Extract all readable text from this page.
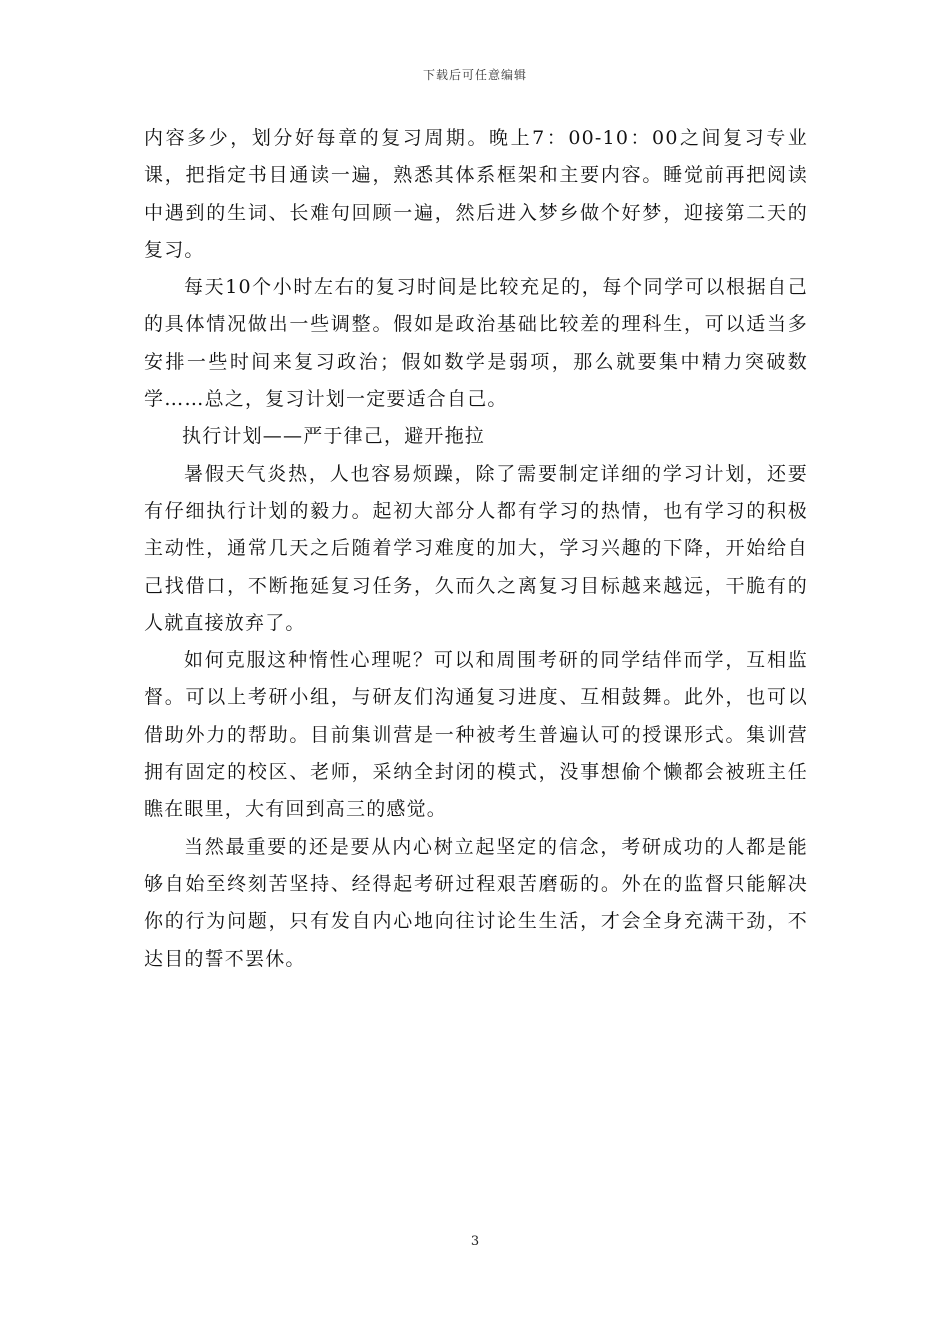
下载后可任意编辑

内容多少，划分好每章的复习周期。晚上7：00-10：00之间复习专业课，把指定书目通读一遍，熟悉其体系框架和主要内容。睡觉前再把阅读中遇到的生词、长难句回顾一遍，然后进入梦乡做个好梦，迎接第二天的复习。

每天10个小时左右的复习时间是比较充足的，每个同学可以根据自己的具体情况做出一些调整。假如是政治基础比较差的理科生，可以适当多安排一些时间来复习政治；假如数学是弱项，那么就要集中精力突破数学……总之，复习计划一定要适合自己。

执行计划——严于律己，避开拖拉

暑假天气炎热，人也容易烦躁，除了需要制定详细的学习计划，还要有仔细执行计划的毅力。起初大部分人都有学习的热情，也有学习的积极主动性，通常几天之后随着学习难度的加大，学习兴趣的下降，开始给自己找借口，不断拖延复习任务，久而久之离复习目标越来越远，干脆有的人就直接放弃了。

如何克服这种惰性心理呢？可以和周围考研的同学结伴而学，互相监督。可以上考研小组，与研友们沟通复习进度、互相鼓舞。此外，也可以借助外力的帮助。目前集训营是一种被考生普遍认可的授课形式。集训营拥有固定的校区、老师，采纳全封闭的模式，没事想偷个懒都会被班主任瞧在眼里，大有回到高三的感觉。

当然最重要的还是要从内心树立起坚定的信念，考研成功的人都是能够自始至终刻苦坚持、经得起考研过程艰苦磨砺的。外在的监督只能解决你的行为问题，只有发自内心地向往讨论生生活，才会全身充满干劲，不达目的誓不罢休。

3
